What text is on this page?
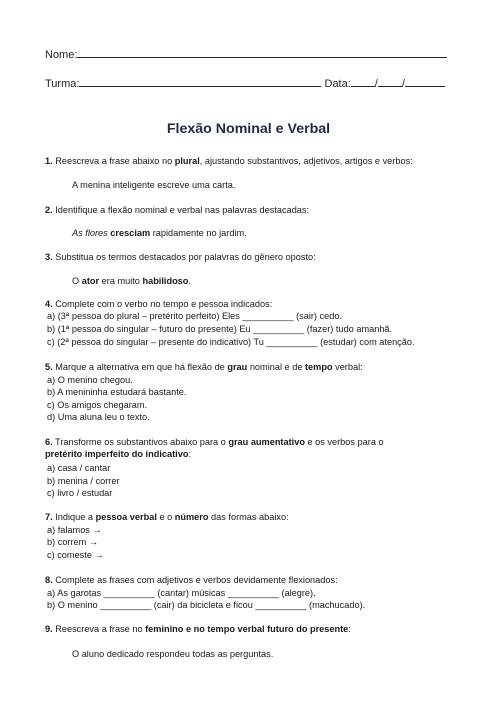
Nome:
Turma:	Data: / /
Flexão Nominal e Verbal
1. Reescreva a frase abaixo no plural, ajustando substantivos, adjetivos, artigos e verbos:
A menina inteligente escreve uma carta.
2. Identifique a flexão nominal e verbal nas palavras destacadas:
As flores cresciam rapidamente no jardim.
3. Substitua os termos destacados por palavras do gênero oposto:
O ator era muito habilidoso.
4. Complete com o verbo no tempo e pessoa indicados:
a) (3ª pessoa do plural – pretérito perfeito) Eles __________ (sair) cedo.
b) (1ª pessoa do singular – futuro do presente) Eu __________ (fazer) tudo amanhã.
c) (2ª pessoa do singular – presente do indicativo) Tu __________ (estudar) com atenção.
5. Marque a alternativa em que há flexão de grau nominal e de tempo verbal:
a) O menino chegou.
b) A menininha estudará bastante.
c) Os amigos chegaram.
d) Uma aluna leu o texto.
6. Transforme os substantivos abaixo para o grau aumentativo e os verbos para o
pretérito imperfeito do indicativo:
a) casa / cantar
b) menina / correr
c) livro / estudar
7. Indique a pessoa verbal e o número das formas abaixo:
a) falamos →
b) correm →
c) comeste →
8. Complete as frases com adjetivos e verbos devidamente flexionados:
a) As garotas __________ (cantar) músicas __________ (alegre).
b) O menino __________ (cair) da bicicleta e ficou __________ (machucado).
9. Reescreva a frase no feminino e no tempo verbal futuro do presente:
O aluno dedicado respondeu todas as perguntas.
